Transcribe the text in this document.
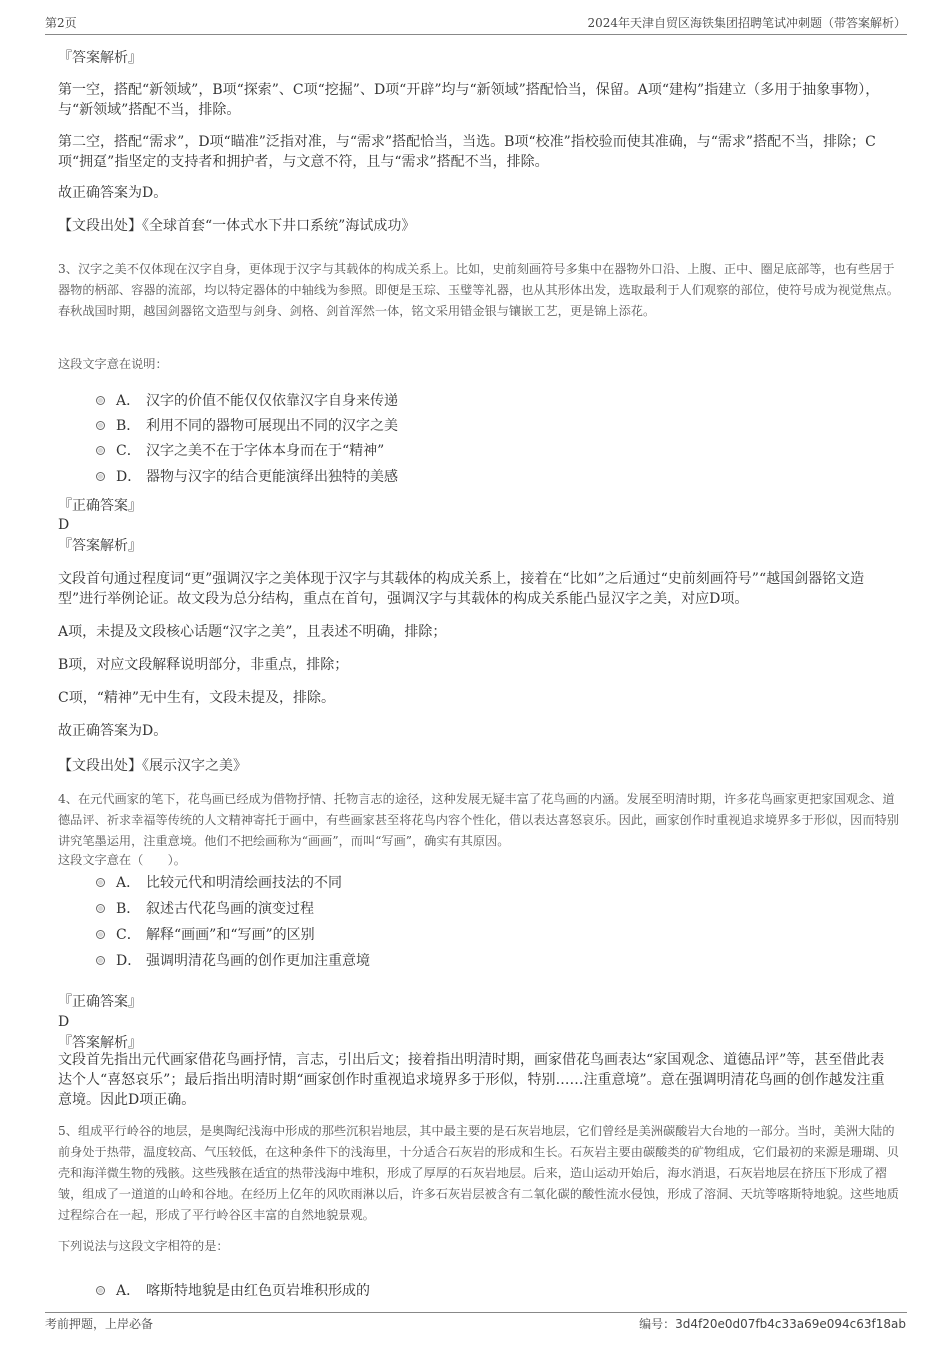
第2页	2024年天津自贸区海铁集团招聘笔试冲刺题（带答案解析）
『答案解析』
第一空，搭配“新领域”，B项“探索”、C项“挖掘”、D项“开辟”均与“新领域”搭配恰当，保留。A项“建构”指建立（多用于抽象事物），与“新领域”搭配不当，排除。
第二空，搭配“需求”，D项“瞄准”泛指对准，与“需求”搭配恰当，当选。B项“校准”指校验而使其准确，与“需求”搭配不当，排除；C项“拥趸”指坚定的支持者和拥护者，与文意不符，且与“需求”搭配不当，排除。
故正确答案为D。
【文段出处】《全球首套“一体式水下井口系统”海试成功》
3、汉字之美不仅体现在汉字自身，更体现于汉字与其载体的构成关系上。比如，史前刻画符号多集中在器物外口沿、上腹、正中、圈足底部等，也有些居于器物的柄部、容器的流部，均以特定器体的中轴线为参照。即便是玉琮、玉璧等礼器，也从其形体出发，选取最利于人们观察的部位，使符号成为视觉焦点。春秋战国时期，越国剑器铭文造型与剑身、剑格、剑首浑然一体，铭文采用错金银与镶嵌工艺，更是锦上添花。
这段文字意在说明：
A． 汉字的价值不能仅仅依靠汉字自身来传递
B． 利用不同的器物可展现出不同的汉字之美
C． 汉字之美不在于字体本身而在于“精神”
D． 器物与汉字的结合更能演绎出独特的美感
『正确答案』
D
『答案解析』
文段首句通过程度词“更”强调汉字之美体现于汉字与其载体的构成关系上，接着在“比如”之后通过“史前刻画符号”“越国剑器铭文造型”进行举例论证。故文段为总分结构，重点在首句，强调汉字与其载体的构成关系能凸显汉字之美，对应D项。
A项，未提及文段核心话题“汉字之美”，且表述不明确，排除；
B项，对应文段解释说明部分，非重点，排除；
C项，“精神”无中生有，文段未提及，排除。
故正确答案为D。
【文段出处】《展示汉字之美》
4、在元代画家的笔下，花鸟画已经成为借物抒情、托物言志的途径，这种发展无疑丰富了花鸟画的内涵。发展至明清时期，许多花鸟画家更把家国观念、道德品评、祈求幸福等传统的人文精神寄托于画中，有些画家甚至将花鸟内容个性化，借以表达喜怒哀乐。因此，画家创作时重视追求境界多于形似，因而特别讲究笔墨运用，注重意境。他们不把绘画称为“画画”，而叫“写画”，确实有其原因。
这段文字意在（　　）。
A． 比较元代和明清绘画技法的不同
B． 叙述古代花鸟画的演变过程
C． 解释“画画”和“写画”的区别
D． 强调明清花鸟画的创作更加注重意境
『正确答案』
D
『答案解析』
文段首先指出元代画家借花鸟画抒情，言志，引出后文；接着指出明清时期，画家借花鸟画表达“家国观念、道德品评”等，甚至借此表达个人“喜怒哀乐”；最后指出明清时期“画家创作时重视追求境界多于形似，特别……注重意境”。意在强调明清花鸟画的创作越发注重意境。因此D项正确。
5、组成平行岭谷的地层，是奥陶纪浅海中形成的那些沉积岩地层，其中最主要的是石灰岩地层，它们曾经是美洲碳酸岩大台地的一部分。当时，美洲大陆的前身处于热带，温度较高、气压较低，在这种条件下的浅海里，十分适合石灰岩的形成和生长。石灰岩主要由碳酸类的矿物组成，它们最初的来源是珊瑚、贝壳和海洋微生物的残骸。这些残骸在适宜的热带浅海中堆积，形成了厚厚的石灰岩地层。后来，造山运动开始后，海水消退，石灰岩地层在挤压下形成了褶皱，组成了一道道的山岭和谷地。在经历上亿年的风吹雨淋以后，许多石灰岩层被含有二氧化碳的酸性流水侵蚀，形成了溶洞、天坑等喀斯特地貌。这些地质过程综合在一起，形成了平行岭谷区丰富的自然地貌景观。
下列说法与这段文字相符的是：
A． 喀斯特地貌是由红色页岩堆积形成的
考前押题，上岸必备	编号：3d4f20e0d07fb4c33a69e094c63f18ab
